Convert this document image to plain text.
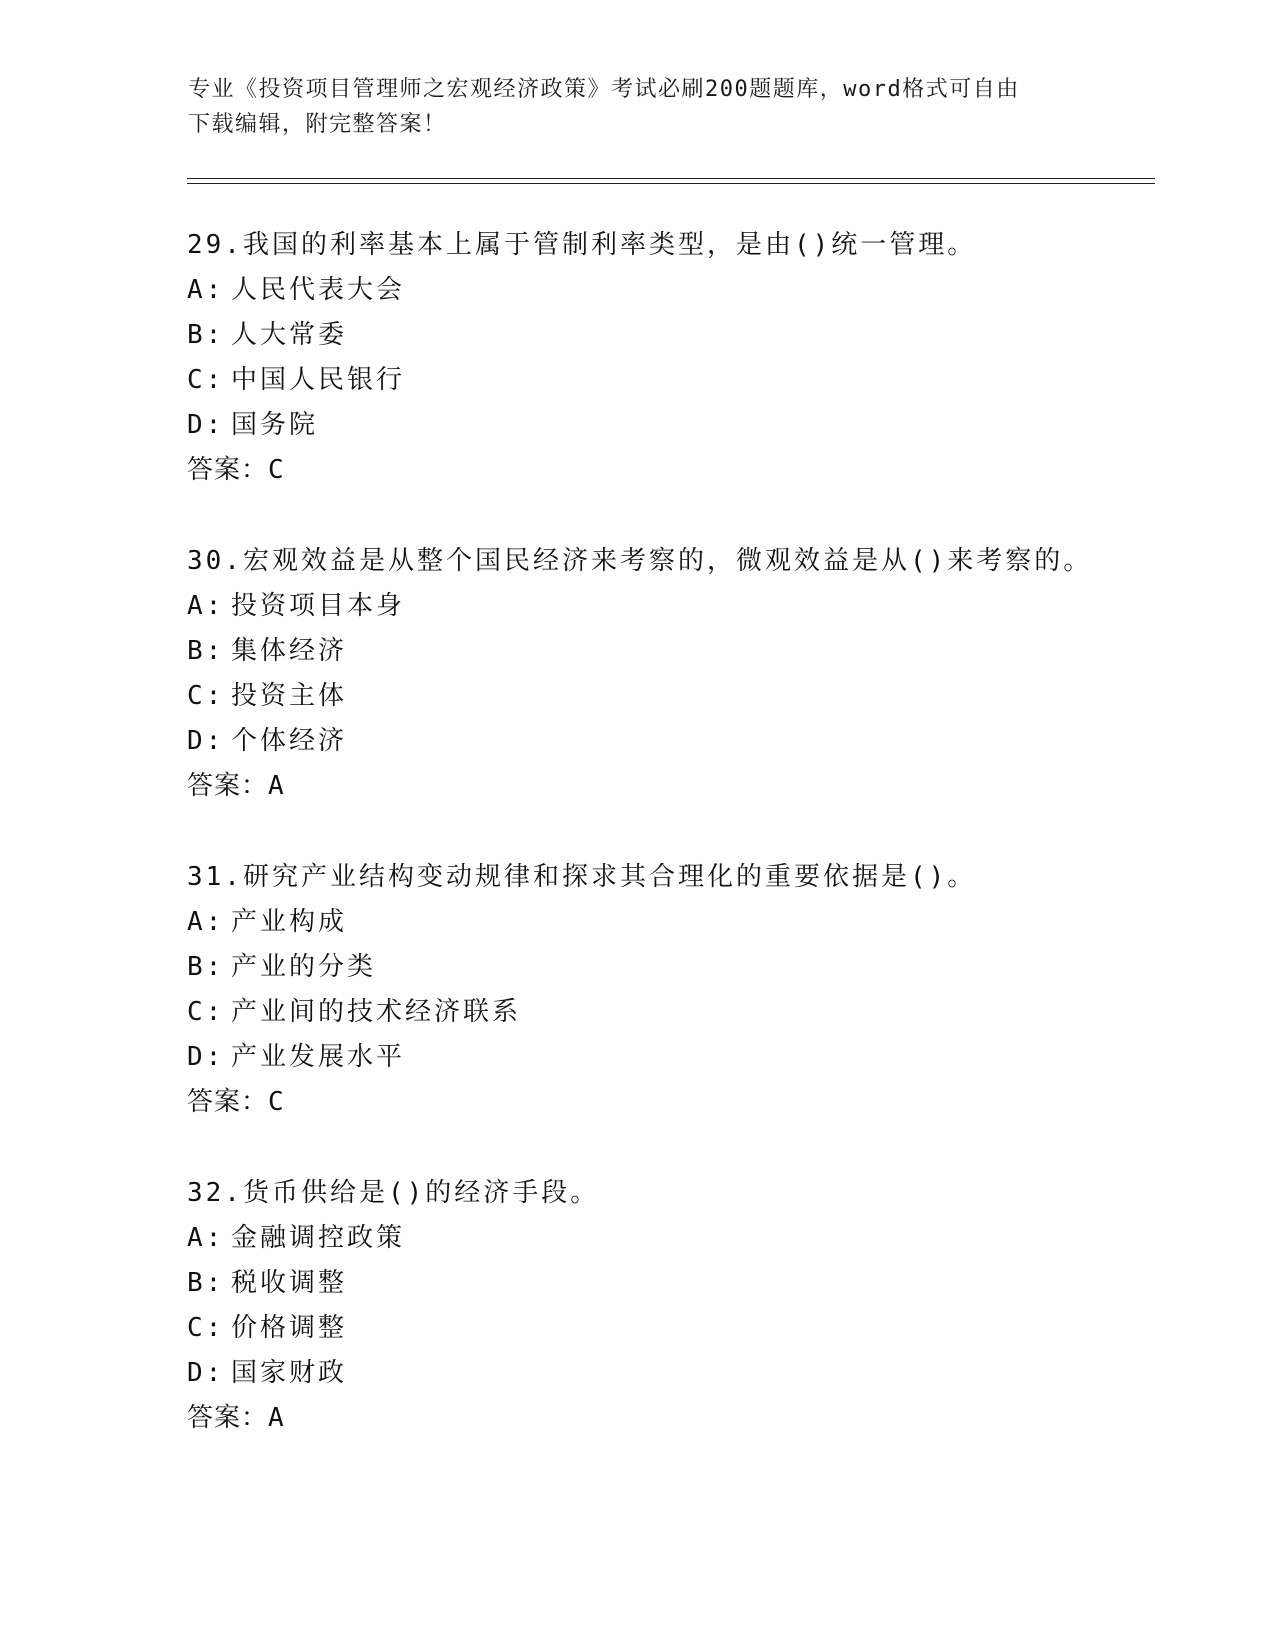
专业《投资项目管理师之宏观经济政策》考试必刷200题题库，word格式可自由
下载编辑，附完整答案！
29.我国的利率基本上属于管制利率类型，是由()统一管理。
A: 人民代表大会
B: 人大常委
C: 中国人民银行
D: 国务院
答案：C
30.宏观效益是从整个国民经济来考察的，微观效益是从()来考察的。
A: 投资项目本身
B: 集体经济
C: 投资主体
D: 个体经济
答案：A
31.研究产业结构变动规律和探求其合理化的重要依据是()。
A: 产业构成
B: 产业的分类
C: 产业间的技术经济联系
D: 产业发展水平
答案：C
32.货币供给是()的经济手段。
A: 金融调控政策
B: 税收调整
C: 价格调整
D: 国家财政
答案：A
